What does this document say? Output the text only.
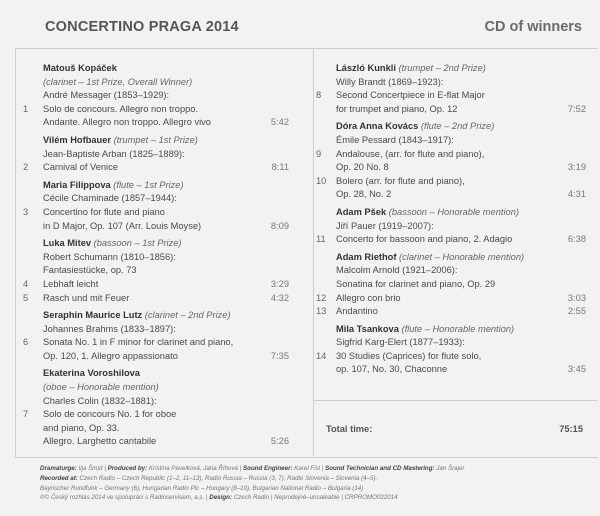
CONCERTINO PRAGA 2014	CD of winners
Matouš Kopáček
(clarinet – 1st Prize, Overall Winner)
André Messager (1853–1929):
1	Solo de concours. Allegro non troppo.
Andante. Allegro non troppo. Allegro vivo	5:42
Vilém Hofbauer (trumpet – 1st Prize)
Jean-Baptiste Arban (1825–1889):
2	Carnival of Venice	8:11
Maria Filippova (flute – 1st Prize)
Cécile Chaminade (1857–1944):
3	Concertino for flute and piano
in D Major, Op. 107 (Arr. Louis Moyse)	8:09
Luka Mitev (bassoon – 1st Prize)
Robert Schumann (1810–1856):
Fantasiestücke, op. 73
4	Lebhaft leicht	3:29
5	Rasch und mit Feuer	4:32
Seraphin Maurice Lutz (clarinet – 2nd Prize)
Johannes Brahms (1833–1897):
6	Sonata No. 1 in F minor for clarinet and piano,
Op. 120, 1. Allegro appassionato	7:35
Ekaterina Voroshilova
(oboe – Honorable mention)
Charles Colin (1832–1881):
7	Solo de concours No. 1 for oboe
and piano, Op. 33.
Allegro. Larghetto cantabile	5:26
László Kunkli (trumpet – 2nd Prize)
Willy Brandt (1869–1923):
8	Second Concertpiece in E-flat Major
for trumpet and piano, Op. 12	7:52
Dóra Anna Kovács (flute – 2nd Prize)
Émile Pessard (1843–1917):
9	Andalouse, (arr. for flute and piano),
Op. 20 No. 8	3:19
10	Bolero (arr. for flute and piano),
Op. 28, No. 2	4:31
Adam Pšek (bassoon – Honorable mention)
Jiří Pauer (1919–2007):
11	Concerto for bassoon and piano, 2. Adagio	6:38
Adam Riethof (clarinet – Honorable mention)
Malcolm Arnold (1921–2006):
Sonatina for clarinet and piano, Op. 29
12	Allegro con brio	3:03
13	Andantino	2:55
Mila Tsankova (flute – Honorable mention)
Sigfrid Karg-Elert (1877–1933):
14	30 Studies (Caprices) for flute solo,
op. 107, No. 30, Chaconne	3:45
Total time:	75:15
Dramaturge: Ilja Šmíd | Produced by: Kristina Pavelková, Jana Říhová | Sound Engineer: Karel Fisl | Sound Technician and CD Mastering: Jan Šrajer
Recorded at: Czech Radio – Czech Republic (1–2, 11–13), Radio Russia – Russia (3, 7), Radio Slovenia – Slovenia (4–5),
Bayrischer Rundfunk – Germany (6), Hungarian Radio Plc – Hungary (8–10), Bulgarian National Radio – Bulgaria (14)
℗© Český rozhlas 2014 ve spolupráci s Radioservisem, a.s. | Design: Czech Radio | Neprodejné–unsaleable | CRPROMO022014
